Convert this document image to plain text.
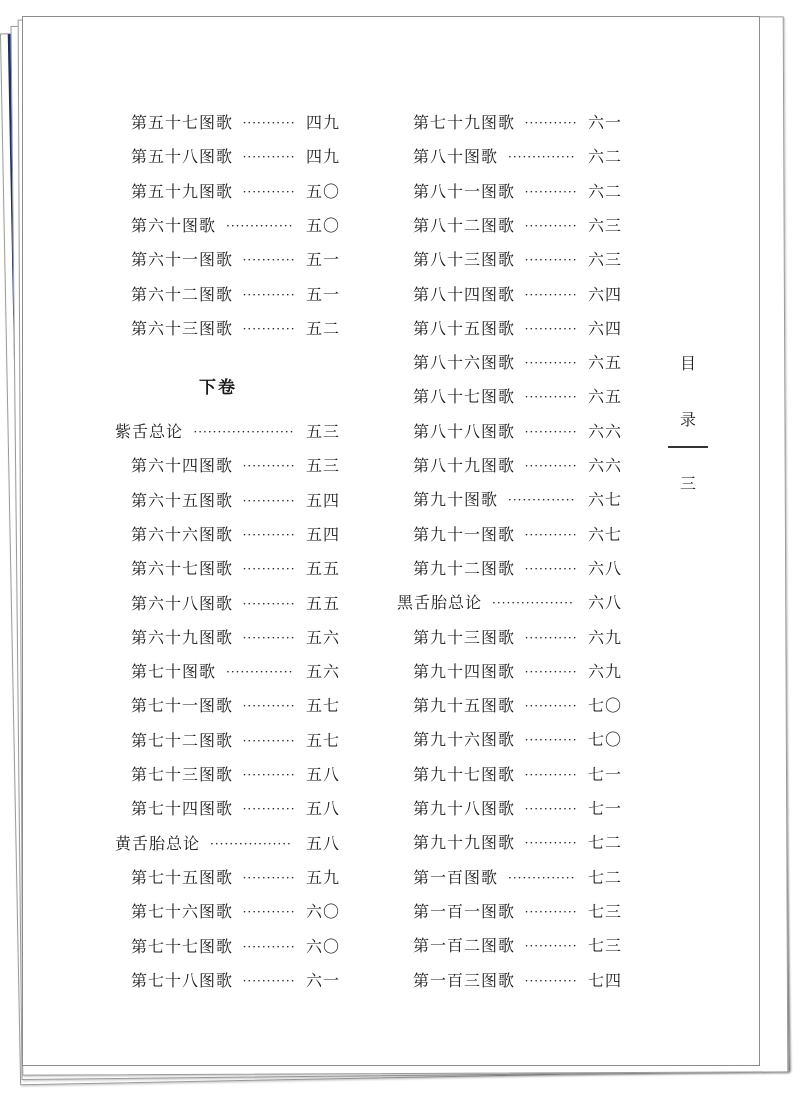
第五十七图歌 ··········· 四九
第五十八图歌 ··········· 四九
第五十九图歌 ··········· 五〇
第六十图歌 ·············· 五〇
第六十一图歌 ··········· 五一
第六十二图歌 ··········· 五一
第六十三图歌 ··········· 五二
紫舌总论 ····················· 五三
第六十四图歌 ··········· 五三
第六十五图歌 ··········· 五四
第六十六图歌 ··········· 五四
第六十七图歌 ··········· 五五
第六十八图歌 ··········· 五五
第六十九图歌 ··········· 五六
第七十图歌 ·············· 五六
第七十一图歌 ··········· 五七
第七十二图歌 ··········· 五七
第七十三图歌 ··········· 五八
第七十四图歌 ··········· 五八
黄舌胎总论 ················· 五八
第七十五图歌 ··········· 五九
第七十六图歌 ··········· 六〇
第七十七图歌 ··········· 六〇
第七十八图歌 ··········· 六一
下卷
第七十九图歌 ··········· 六一
第八十图歌 ·············· 六二
第八十一图歌 ··········· 六二
第八十二图歌 ··········· 六三
第八十三图歌 ··········· 六三
第八十四图歌 ··········· 六四
第八十五图歌 ··········· 六四
第八十六图歌 ··········· 六五
第八十七图歌 ··········· 六五
第八十八图歌 ··········· 六六
第八十九图歌 ··········· 六六
第九十图歌 ·············· 六七
第九十一图歌 ··········· 六七
第九十二图歌 ··········· 六八
黑舌胎总论 ················· 六八
第九十三图歌 ··········· 六九
第九十四图歌 ··········· 六九
第九十五图歌 ··········· 七〇
第九十六图歌 ··········· 七〇
第九十七图歌 ··········· 七一
第九十八图歌 ··········· 七一
第九十九图歌 ··········· 七二
第一百图歌 ·············· 七二
第一百一图歌 ··········· 七三
第一百二图歌 ··········· 七三
第一百三图歌 ··········· 七四
目
录
三
